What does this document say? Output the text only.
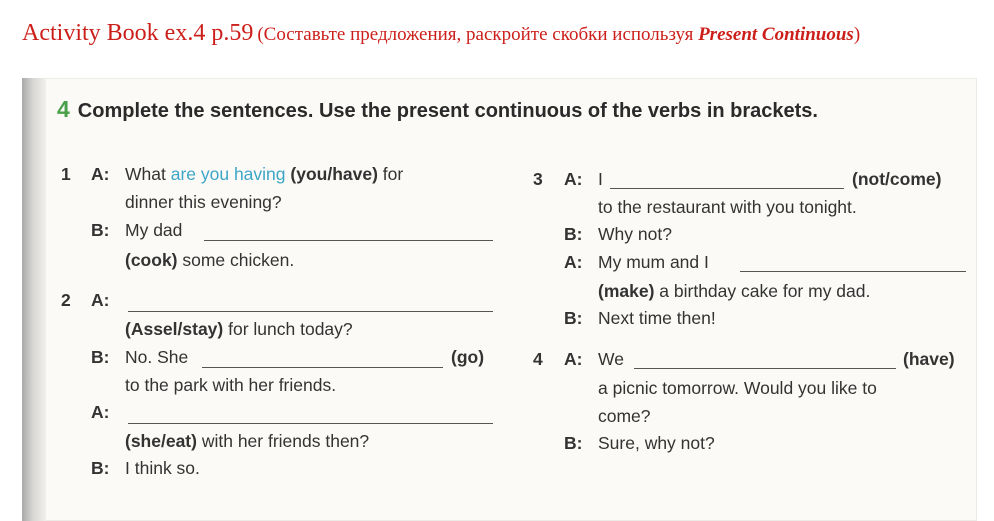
Activity Book ex.4 p.59 (Составьте предложения, раскройте скобки используя Present Continuous)
4 Complete the sentences. Use the present continuous of the verbs in brackets.
1 A: What are you having (you/have) for
dinner this evening?
B: My dad
(cook) some chicken.
2 A:
(Assel/stay) for lunch today?
B: No. She	(go)
to the park with her friends.
A:
(she/eat) with her friends then?
B: I think so.
3 A: I	(not/come)
to the restaurant with you tonight.
B: Why not?
A: My mum and I
(make) a birthday cake for my dad.
B: Next time then!
4 A: We	(have)
a picnic tomorrow. Would you like to
come?
B: Sure, why not?
